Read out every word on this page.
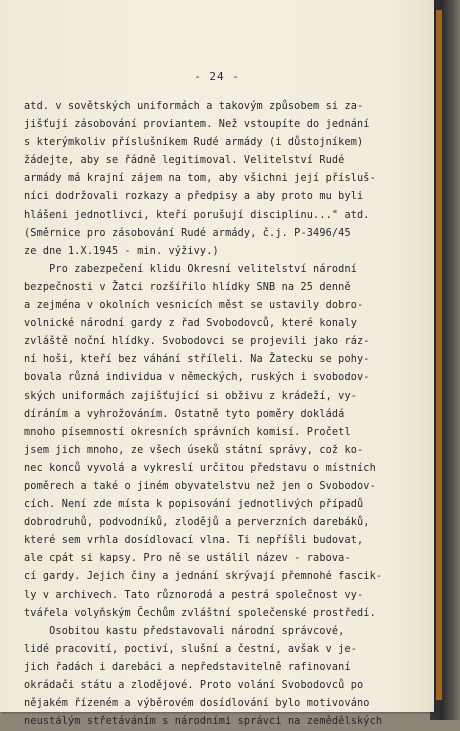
- 24 -
atd. v sovětských uniformách a takovým způsobem si za-
jišťují zásobování proviantem. Než vstoupíte do jednání
s kterýmkoliv příslušníkem Rudé armády (i důstojníkem)
žádejte, aby se řádně legitimoval. Velitelství Rudé
armády má krajní zájem na tom, aby všichni její přísluš-
níci dodržovali rozkazy a předpisy a aby proto mu byli
hlášeni jednotlivci, kteří porušují disciplinu..." atd.
(Směrnice pro zásobování Rudé armády, č.j. P-3496/45
ze dne 1.X.1945 - min. výživy.)
Pro zabezpečení klidu Okresní velitelství národní
bezpečnosti v Žatci rozšířilo hlídky SNB na 25 denně
a zejména v okolních vesnicích měst se ustavily dobro-
volnické národní gardy z řad Svobodovců, které konaly
zvláště noční hlídky. Svobodovci se projevili jako ráz-
ní hoši, kteří bez váhání stříleli. Na Žatecku se pohy-
bovala různá individua v německých, ruských i svobodov-
ských uniformách zajišťující si obživu z krádeží, vy-
díráním a vyhrožováním. Ostatně tyto poměry dokládá
mnoho písemností okresních správních komisí. Pročetl
jsem jich mnoho, ze všech úseků státní správy, což ko-
nec konců vyvolá a vykreslí určitou představu o místních
poměrech a také o jiném obyvatelstvu než jen o Svobodov-
cích. Není zde místa k popisování jednotlivých případů
dobrodruhů, podvodníků, zlodějů a perverzních darebáků,
které sem vrhla dosídlovací vlna. Ti nepříšli budovat,
ale cpát si kapsy. Pro ně se ustálil název - rabova-
cí gardy. Jejich činy a jednání skrývají přemnohé fascik-
ly v archivech. Tato různorodá a pestrá společnost vy-
tvářela volyňským Čechům zvláštní společenské prostředí.
Osobitou kastu představovali národní správcové,
lidé pracovití, poctiví, slušní a čestní, avšak v je-
jich řadách i darebáci a nepředstavitelně rafinovaní
okrádači státu a zlodějové. Proto volání Svobodovců po
nějakém řízeném a výběrovém dosídlování bylo motivováno
neustálým střetáváním s národními správci na zemědělských
